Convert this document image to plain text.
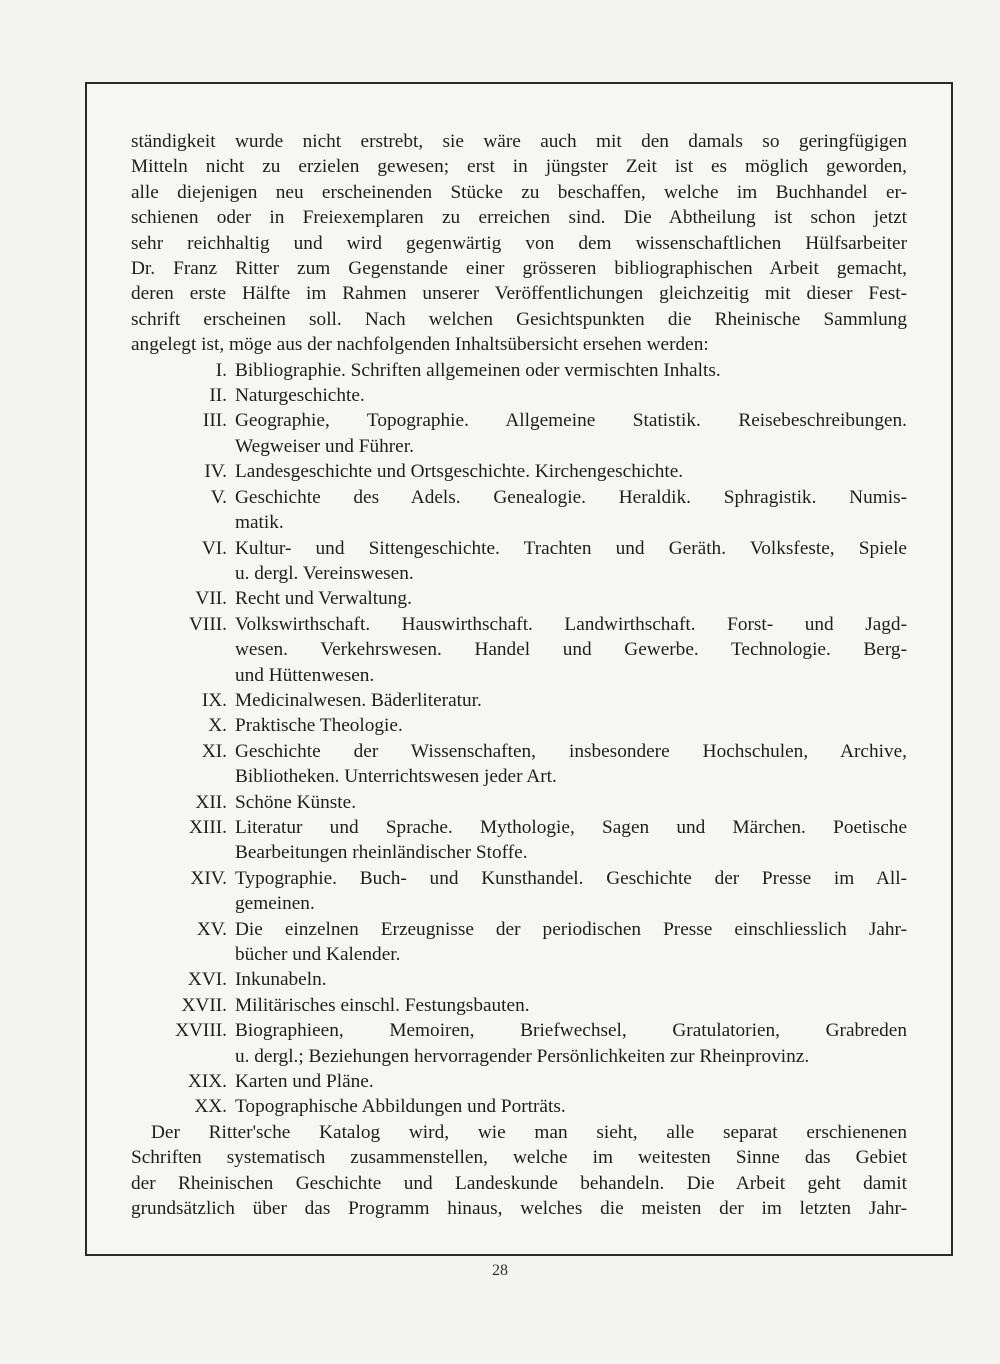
ständigkeit wurde nicht erstrebt, sie wäre auch mit den damals so geringfügigen
Mitteln nicht zu erzielen gewesen; erst in jüngster Zeit ist es möglich geworden,
alle diejenigen neu erscheinenden Stücke zu beschaffen, welche im Buchhandel er-
schienen oder in Freiexemplaren zu erreichen sind. Die Abtheilung ist schon jetzt
sehr reichhaltig und wird gegenwärtig von dem wissenschaftlichen Hülfsarbeiter
Dr. Franz Ritter zum Gegenstande einer grösseren bibliographischen Arbeit gemacht,
deren erste Hälfte im Rahmen unserer Veröffentlichungen gleichzeitig mit dieser Fest-
schrift erscheinen soll. Nach welchen Gesichtspunkten die Rheinische Sammlung
angelegt ist, möge aus der nachfolgenden Inhaltsübersicht ersehen werden:
I. Bibliographie. Schriften allgemeinen oder vermischten Inhalts.
II. Naturgeschichte.
III. Geographie, Topographie. Allgemeine Statistik. Reisebeschreibungen.
Wegweiser und Führer.
IV. Landesgeschichte und Ortsgeschichte. Kirchengeschichte.
V. Geschichte des Adels. Genealogie. Heraldik. Sphragistik. Numis-
matik.
VI. Kultur- und Sittengeschichte. Trachten und Geräth. Volksfeste, Spiele
u. dergl. Vereinswesen.
VII. Recht und Verwaltung.
VIII. Volkswirthschaft. Hauswirthschaft. Landwirthschaft. Forst- und Jagd-
wesen. Verkehrswesen. Handel und Gewerbe. Technologie. Berg-
und Hüttenwesen.
IX. Medicinalwesen. Bäderliteratur.
X. Praktische Theologie.
XI. Geschichte der Wissenschaften, insbesondere Hochschulen, Archive,
Bibliotheken. Unterrichtswesen jeder Art.
XII. Schöne Künste.
XIII. Literatur und Sprache. Mythologie, Sagen und Märchen. Poetische
Bearbeitungen rheinländischer Stoffe.
XIV. Typographie. Buch- und Kunsthandel. Geschichte der Presse im All-
gemeinen.
XV. Die einzelnen Erzeugnisse der periodischen Presse einschliesslich Jahr-
bücher und Kalender.
XVI. Inkunabeln.
XVII. Militärisches einschl. Festungsbauten.
XVIII. Biographieen, Memoiren, Briefwechsel, Gratulatorien, Grabreden
u. dergl.; Beziehungen hervorragender Persönlichkeiten zur Rheinprovinz.
XIX. Karten und Pläne.
XX. Topographische Abbildungen und Porträts.
Der Ritter'sche Katalog wird, wie man sieht, alle separat erschienenen
Schriften systematisch zusammenstellen, welche im weitesten Sinne das Gebiet
der Rheinischen Geschichte und Landeskunde behandeln. Die Arbeit geht damit
grundsätzlich über das Programm hinaus, welches die meisten der im letzten Jahr-
28
